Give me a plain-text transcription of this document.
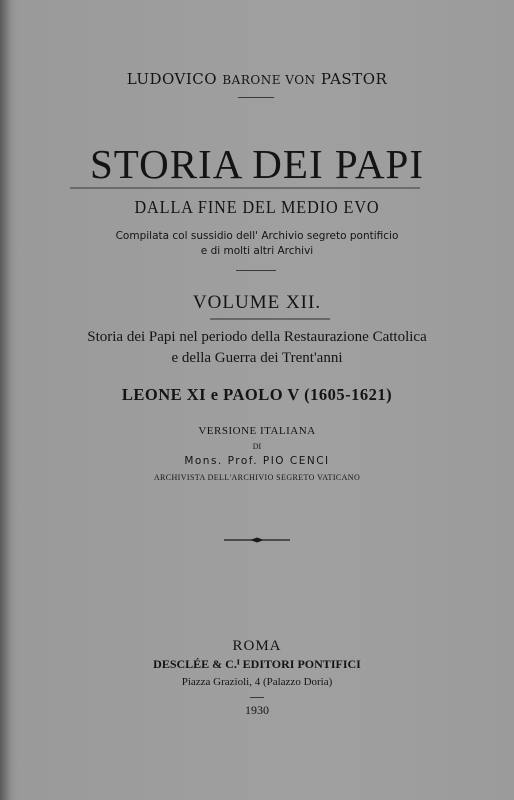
LUDOVICO BARONE VON PASTOR
STORIA DEI PAPI
DALLA FINE DEL MEDIO EVO
Compilata col sussidio dell' Archivio segreto pontificio
e di molti altri Archivi
VOLUME XII.
Storia dei Papi nel periodo della Restaurazione Cattolica
e della Guerra dei Trent'anni
LEONE XI e PAOLO V (1605-1621)
VERSIONE ITALIANA
DI
Mons. Prof. PIO CENCI
ARCHIVISTA DELL'ARCHIVIO SEGRETO VATICANO
ROMA
DESCLÉE & C.ᴵ EDITORI PONTIFICI
Piazza Grazioli, 4 (Palazzo Doria)
1930
